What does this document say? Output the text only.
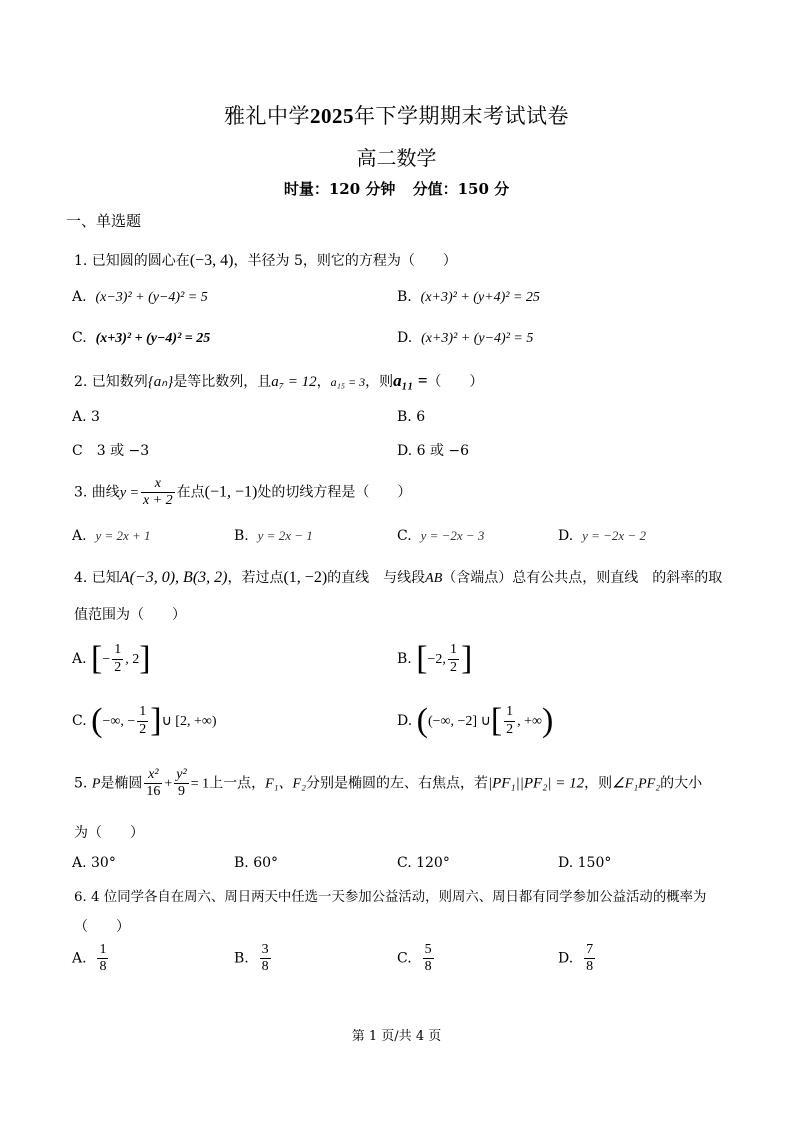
雅礼中学2025年下学期期末考试试卷
高二数学
时量：120 分钟 分值：150 分
一、单选题
1. 已知圆的圆心在(−3, 4)，半径为 5，则它的方程为（　　）
A. (x−3)² + (y−4)² = 5	B. (x+3)² + (y+4)² = 25
C. (x+3)² + (y−4)² = 25	D. (x+3)² + (y−4)² = 5
2. 已知数列{aₙ}是等比数列，且a₇ = 12，a₁₅ = 3，则a₁₁ =（　　）
A. 3	B. 6
C　3 或 −3	D. 6 或 −6
3. 曲线$y = \frac{x}{x + 2}$ 在点(−1, −1)处的切线方程是（　　）
A. y = 2x + 1	B. y = 2x − 1	C. y = −2x − 3	D. y = −2x − 2
4. 已知A(−3, 0), B(3, 2)，若过点(1, −2)的直线　与线段AB（含端点）总有公共点，则直线　的斜率的取
值范围为（　　）
A. [− $\frac{1}{2}$ , 2]	B. [−2, $\frac{1}{2}$ ]
C. (−∞, − $\frac{1}{2}$ ]∪ [2, +∞)	D. ((−∞, −2] ∪[ $\frac{1}{2}$ , +∞)
5. P是椭圆 $\frac{\text{x²}}{16} + \frac{\text{y²}}{9} = 1$上一点，F₁、F₂分别是椭圆的左、右焦点，若|PF₁||PF₂| = 12，则∠F₁PF₂的大小
为（　　）
A. 30°	B. 60°	C. 120°	D. 150°
6. 4 位同学各自在周六、周日两天中任选一天参加公益活动，则周六、周日都有同学参加公益活动的概率为
（　　）
A. $\frac{1}{8}$	B. $\frac{3}{8}$	C. $\frac{5}{8}$	D. $\frac{7}{8}$
第 1 页/共 4 页
